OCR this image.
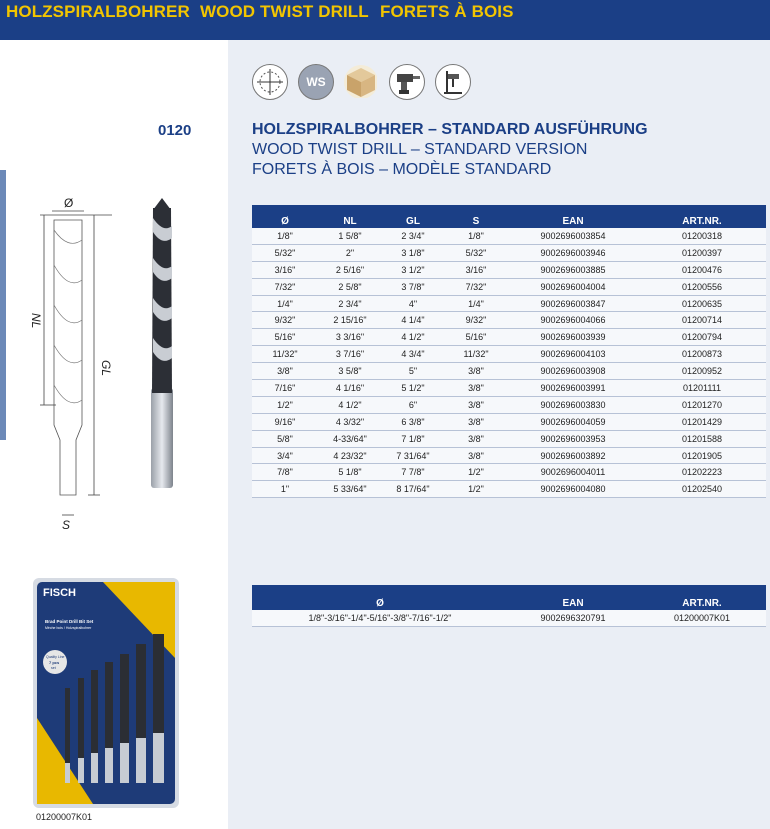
HOLZSPIRALBOHRER WOOD TWIST DRILL FORETS À BOIS
WS
0120	HOLZSPIRALBOHRER – STANDARD AUSFÜHRUNG
WOOD TWIST DRILL – STANDARD VERSION
FORETS À BOIS – MODÈLE STANDARD
Ø
NL
GL
S
Ø	NL	GL	S	EAN	ART.NR.
1/8"	1 5/8"	2 3/4"	1/8"	9002696003854	01200318
5/32"	2"	3 1/8"	5/32"	9002696003946	01200397
3/16"	2 5/16"	3 1/2"	3/16"	9002696003885	01200476
7/32"	2 5/8"	3 7/8"	7/32"	9002696004004	01200556
1/4"	2 3/4"	4"	1/4"	9002696003847	01200635
9/32"	2 15/16"	4 1/4"	9/32"	9002696004066	01200714
5/16"	3 3/16"	4 1/2"	5/16"	9002696003939	01200794
11/32"	3 7/16"	4 3/4"	11/32"	9002696004103	01200873
3/8"	3 5/8"	5"	3/8"	9002696003908	01200952
7/16"	4 1/16"	5 1/2"	3/8"	9002696003991	01201111
1/2"	4 1/2"	6"	3/8"	9002696003830	01201270
9/16"	4 3/32"	6 3/8"	3/8"	9002696004059	01201429
5/8"	4-33/64"	7 1/8"	3/8"	9002696003953	01201588
3/4"	4 23/32"	7 31/64"	3/8"	9002696003892	01201905
7/8"	5 1/8"	7 7/8"	1/2"	9002696004011	01202223
1"	5 33/64"	8 17/64"	1/2"	9002696004080	01202540
Ø	EAN	ART.NR.
1/8"-3/16"-1/4"-5/16"-3/8"-7/16"-1/2"	9002696320791	01200007K01
FISCH
Brad Point Drill Bit Set
Mèche bois / Holzspiralbohrer
Quality Line
7 pcs
set
01200007K01
